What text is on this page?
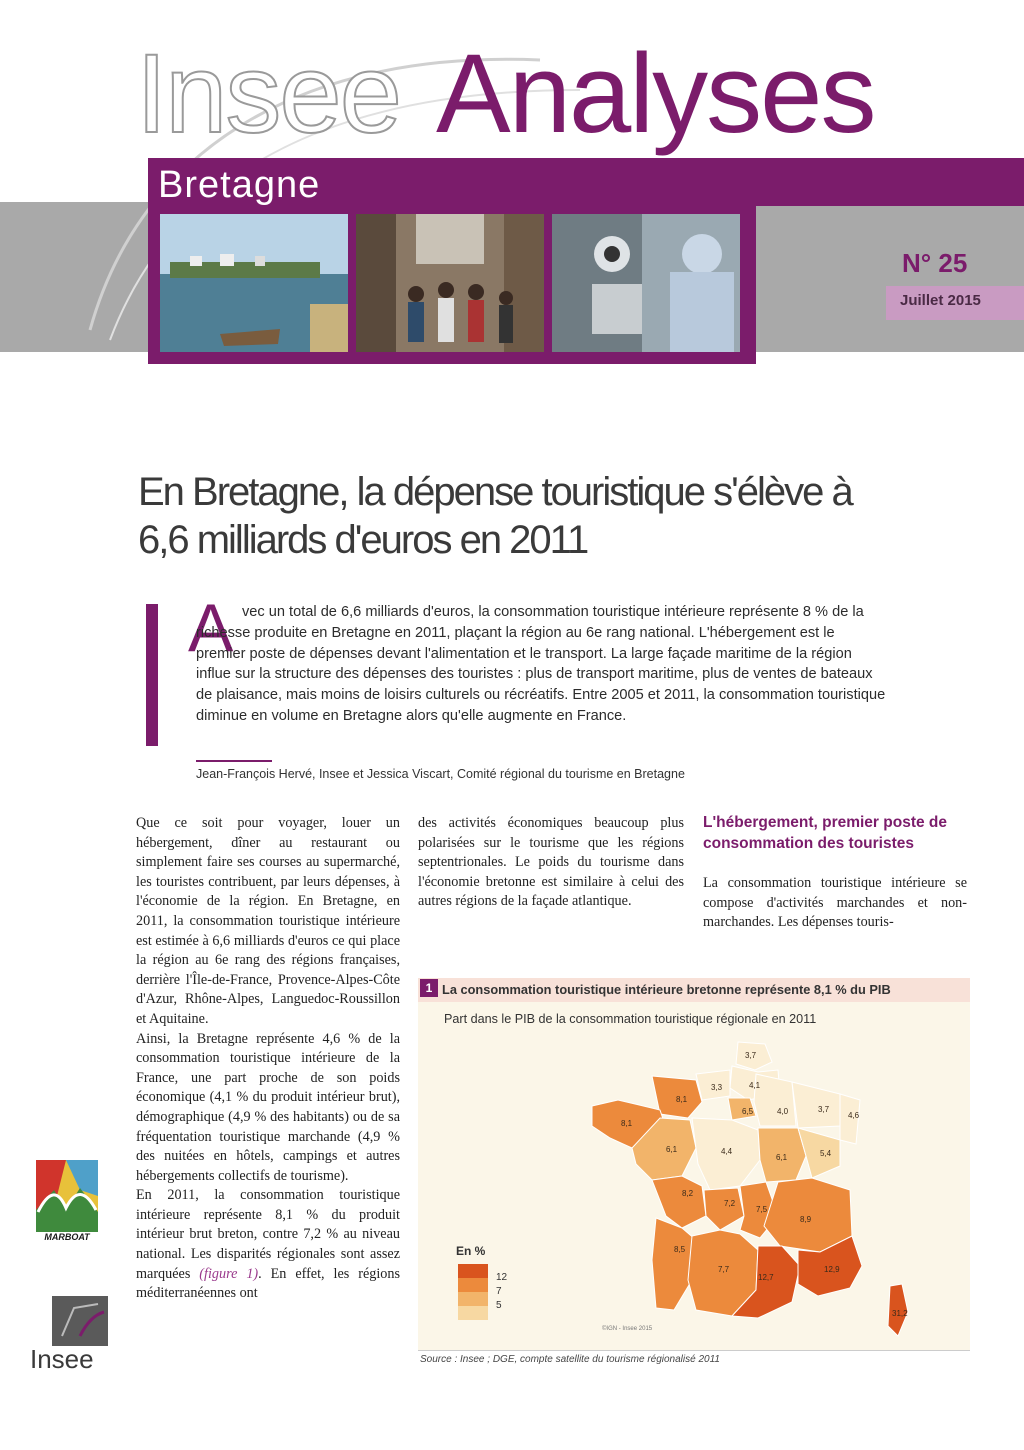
Insee Analyses
Bretagne
N° 25
Juillet 2015
En Bretagne, la dépense touristique s'élève à 6,6 milliards d'euros en 2011
A vec un total de 6,6 milliards d'euros, la consommation touristique intérieure représente 8 % de la richesse produite en Bretagne en 2011, plaçant la région au 6e rang national. L'hébergement est le premier poste de dépenses devant l'alimentation et le transport. La large façade maritime de la région influe sur la structure des dépenses des touristes : plus de transport maritime, plus de ventes de bateaux de plaisance, mais moins de loisirs culturels ou récréatifs. Entre 2005 et 2011, la consommation touristique diminue en volume en Bretagne alors qu'elle augmente en France.

Jean-François Hervé, Insee et Jessica Viscart, Comité régional du tourisme en Bretagne

Que ce soit pour voyager, louer un hébergement, dîner au restaurant ou simplement faire ses courses au supermarché, les touristes contribuent, par leurs dépenses, à l'économie de la région. En Bretagne, en 2011, la consommation touristique intérieure est estimée à 6,6 milliards d'euros ce qui place la région au 6e rang des régions françaises, derrière l'Île-de-France, Provence-Alpes-Côte d'Azur, Rhône-Alpes, Languedoc-Roussillon et Aquitaine.

Ainsi, la Bretagne représente 4,6 % de la consommation touristique intérieure de la France, une part proche de son poids économique (4,1 % du produit intérieur brut), démographique (4,9 % des habitants) ou de sa fréquentation touristique marchande (4,9 % des nuitées en hôtels, campings et autres hébergements collectifs de tourisme).

En 2011, la consommation touristique intérieure représente 8,1 % du produit intérieur brut breton, contre 7,2 % au niveau national. Les disparités régionales sont assez marquées (figure 1). En effet, les régions méditerranéennes ont

des activités économiques beaucoup plus polarisées sur le tourisme que les régions septentrionales. Le poids du tourisme dans l'économie bretonne est similaire à celui des autres régions de la façade atlantique.

L'hébergement, premier poste de consommation des touristes

La consommation touristique intérieure se compose d'activités marchandes et non-marchandes. Les dépenses touris-

1 La consommation touristique intérieure bretonne représente 8,1 % du PIB
Part dans le PIB de la consommation touristique régionale en 2011
8,1
8,1
6,1
3,7
3,3	4,1
6,5	4,0	3,7
4,6
4,4
6,1	5,4
8,2
7,2
7,5
8,9
8,5
7,7
12,7
12,9
31,2
En %
12
7
5
©IGN - Insee 2015
Source : Insee ; DGE, compte satellite du tourisme régionalisé 2011
MARBOAT
Insee
